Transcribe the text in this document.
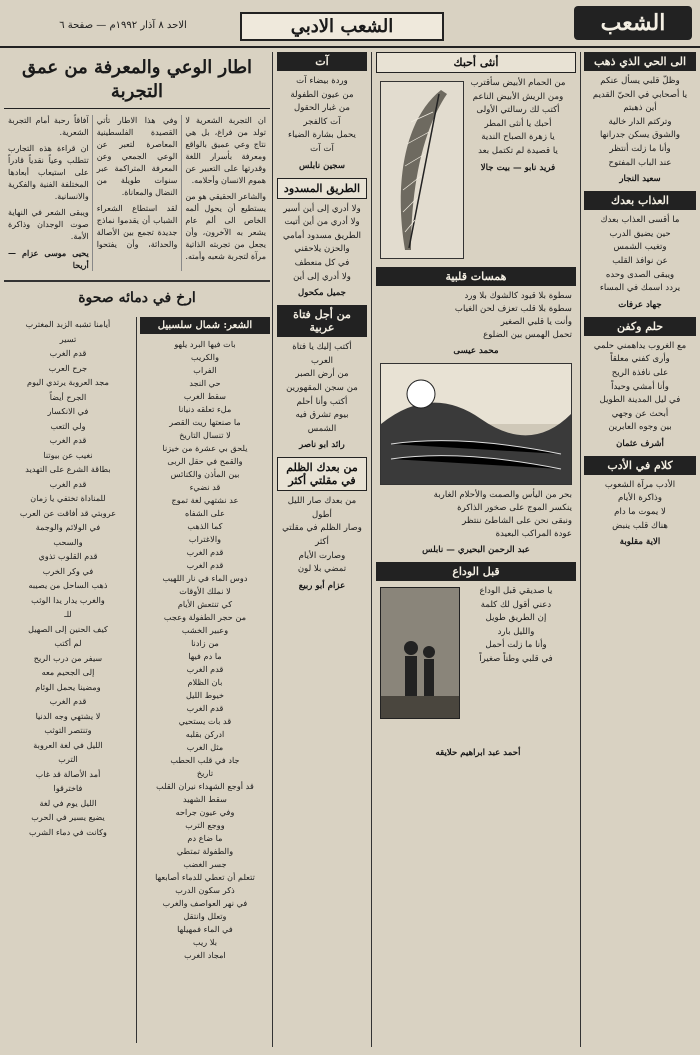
الشعب
الشعب الادبي
الاحد ٨ آذار ١٩٩٢م — صفحة ٦
الى الحي الذي ذهب
وظلّ قلبي يسأل عنكم
يا أصحابي في الحيّ القديم
أين ذهبتم
وتركتم الدار خالية
والشوق يسكن جدرانها
وأنا ما زلت أنتظر
عند الباب المفتوح
سعيد النجار
العذاب بعدك
ما أقسى العذاب بعدك
حين يضيق الدرب
وتغيب الشمس
عن نوافذ القلب
ويبقى الصدى وحده
يردد اسمك في المساء
جهاد عرفات
حلم وكفن
مع الغروب يداهمني حلمي
وأرى كفني معلقاً
على نافذة الريح
وأنا أمشي وحيداً
في ليل المدينة الطويل
أبحث عن وجهي
بين وجوه العابرين
أشرف عثمان
كلام في الأدب
الأدب مرآة الشعوب
وذاكرة الأيام
لا يموت ما دام
هناك قلب ينبض
الاية مقلوبة
أنثى أحبك
من الحمام الأبيض سأقترب
ومن الريش الأبيض الناعم
أكتب لك رسالتي الأولى
أحبك يا أنثى المطر
يا زهرة الصباح الندية
يا قصيدة لم تكتمل بعد
فريد نابو — بيت جالا
همسات قلبية
سطوة بلا قيود كالشوك بلا ورد
سطوة بلا قلب تعزف لحن الغياب
وأنت يا قلبي الصغير
تحمل الهمس بين الضلوع
محمد عيسى
بحر من اليأس والصمت والأحلام الغاربة
ينكسر الموج على صخور الذاكرة
ونبقى نحن على الشاطئ ننتظر
عودة المراكب البعيدة
عبد الرحمن البحيري — نابلس
قبل الوداع
يا صديقي قبل الوداع
دعني أقول لك كلمة
إن الطريق طويل
والليل بارد
وأنا ما زلت أحمل
في قلبي وطناً صغيراً
أحمد عبد ابراهيم حلايقه
آت
وردة بيضاء آت
من عيون الطفولة
من غبار الحقول
آت كالفجر
يحمل بشارة الضياء
آت آت
سجين نابلس
الطريق المسدود
ولا أدري إلى أين أسير
ولا أدري من أين أتيت
الطريق مسدود أمامي
والحزن يلاحقني
في كل منعطف
ولا أدري إلى أين
جميل مكحول
من أجل فتاة عربية
أكتب إليك يا فتاة العرب
من أرض الصبر
من سجن المقهورين
أكتب وأنا أحلم
بيوم تشرق فيه الشمس
رائد ابو ناصر
من بعدك الظلم في مقلتي أكثر
من بعدك صار الليل أطول
وصار الظلم في مقلتي أكثر
وصارت الأيام
تمضي بلا لون
عزام أبو ربيع
اطار الوعي والمعرفة من عمق التجربة

ان التجربة الشعرية لا تولد من فراغ، بل هي نتاج وعي عميق بالواقع ومعرفة بأسرار اللغة وقدرتها على التعبير عن هموم الانسان وأحلامه.

والشاعر الحقيقي هو من يستطيع أن يحول ألمه الخاص الى ألم عام يشعر به الآخرون، وأن يجعل من تجربته الذاتية مرآة لتجربة شعبه وأمته.

وفي هذا الاطار تأتي القصيدة الفلسطينية المعاصرة لتعبر عن الوعي الجمعي وعن المعرفة المتراكمة عبر سنوات طويلة من النضال والمعاناة.

لقد استطاع الشعراء الشباب أن يقدموا نماذج جديدة تجمع بين الأصالة والحداثة، وأن يفتحوا آفاقاً رحبة أمام التجربة الشعرية.

ان قراءة هذه التجارب تتطلب وعياً نقدياً قادراً على استيعاب أبعادها المختلفة الفنية والفكرية والانسانية.

ويبقى الشعر في النهاية صوت الوجدان وذاكرة الأمة.

يحيى موسى عزام — أريحا
ارخ في دمائه صحوة
الشعر: شمال سلسبيل
بات فيها البرد يلهو
والكريب
الفراب
حي النجد
سقط الغرب
ملء تعلقه دنيانا
ما صنعتها ريت القصر
لا تنسال التاريخ
يلحق بي عشرة من خيزنا
والقمح في حقل الربى
بين المأذن والكنائس
قد نضيء
عد نشتهي لغة تموج
على الشفاه
كما الذهب
والاغتراب
قدم الغرب
قدم الغرب
دوس الماء في نار اللهيب
لا نملك الأوقات
كي تنتعش الأيام
من حجر الطفولة وعجب
وعبير الخشب
من زادنا
ما دم فيها
قدم الغرب
بان الظلام
خيوط الليل
قدم الغرب
قد بات يستحيي
ادركن بقلبه
مثل الغرب
جاد في قلب الحطب
تاريخ
قد أوجع الشهداء نيران القلب
سقط الشهيد
وفي عيون جراحه
ووجع الترب
ما ضاع دم
والطفولة تمتطي
جسر الغضب
تتعلم أن تعطي للدماء أصابعها
ذكر سكون الدرب
في نهر العواصف والغرب
وتعلل وانتقل
في الماء فمهيلها
بلا ريب
امجاد الغرب
أيامنا تشبه الزبد المغترب
تسير
قدم الغرب
جرح العرب
مجد العروبة يرتدي اليوم
الجرح أيضاً
في الانكسار
ولي التعب
قدم الغرب
نغيب عن بيوتنا
بطاقة الشرع على التهديد
قدم الغرب
للمناداة تختفي يا زمان
عروبتي قد أفاقت عن العرب
في الولائم والوجمة
والسحب
قدم القلوب تذوي
في وكر الخرب
ذهب الساحل من يصيبه
والغرب يدار يدا الوثب
للـ
كيف الحنين إلى الصهيل
لم أكتب
سيفر من درب الريح
إلى الجحيم معه
ومضينا يحمل الوئام
قدم الغرب
لا يشتهي وجه الدنيا
وتنتصر التوثب
الليل في لغة العروبة
الترب
أمد الأصالة قد غاب
فاخترقوا
الليل يوم في لغة
يضيع يسير في الحرب
وكانت في دماء الشرب
